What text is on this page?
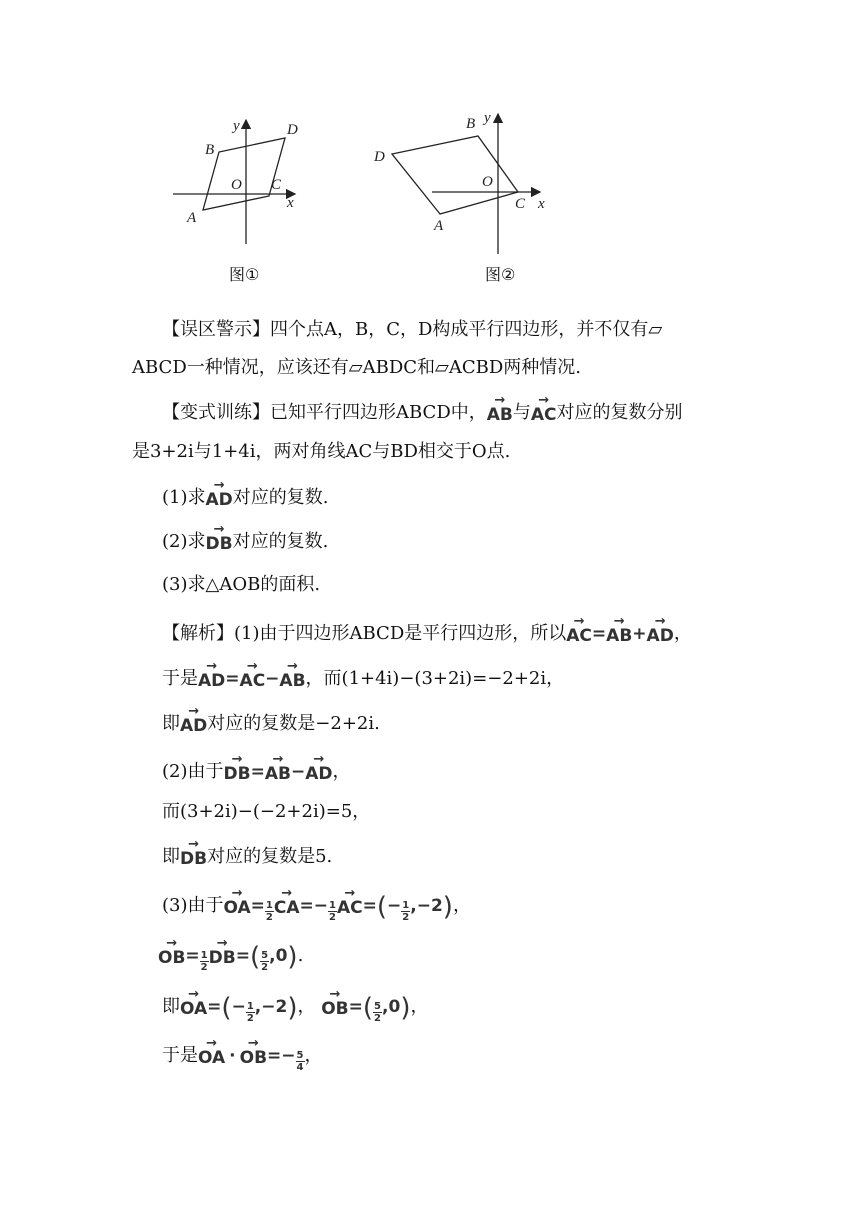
y
x
O
A
B
C
D
图①
y
x
O
A
B
C
D
图②
【误区警示】四个点A，B，C，D构成平行四边形，并不仅有▱
ABCD一种情况，应该还有▱ABDC和▱ACBD两种情况.
【变式训练】已知平行四边形ABCD中，→ AB与→ AC对应的复数分别
是3+2i与1+4i，两对角线AC与BD相交于O点.
(1)求→ AD对应的复数.
(2)求→ DB对应的复数.
(3)求△AOB的面积.
【解析】(1)由于四边形ABCD是平行四边形，所以→ AC=→ AB+→ AD，
于是→ AD=→ AC−→ AB，而(1+4i)−(3+2i)=−2+2i，
即→ AD对应的复数是−2+2i.
(2)由于→ DB=→ AB−→ AD，
而(3+2i)−(−2+2i)=5，
即→ DB对应的复数是5.
(3)由于→ $OA= \frac{1}{2}$
→ $CA=- \frac{1}{2}$
→ $AC=(- \frac{1}{2} ,-2)$，
→ $OB= \frac{1}{2}$
→ $DB=( \frac{5}{2} ,0)$.
即→ $OA=(- \frac{1}{2} ,-2)$， → $OB=( \frac{5}{2} ,0)$，
于是→ OA ·→ $OB=- \frac{5}{4}$ ，
